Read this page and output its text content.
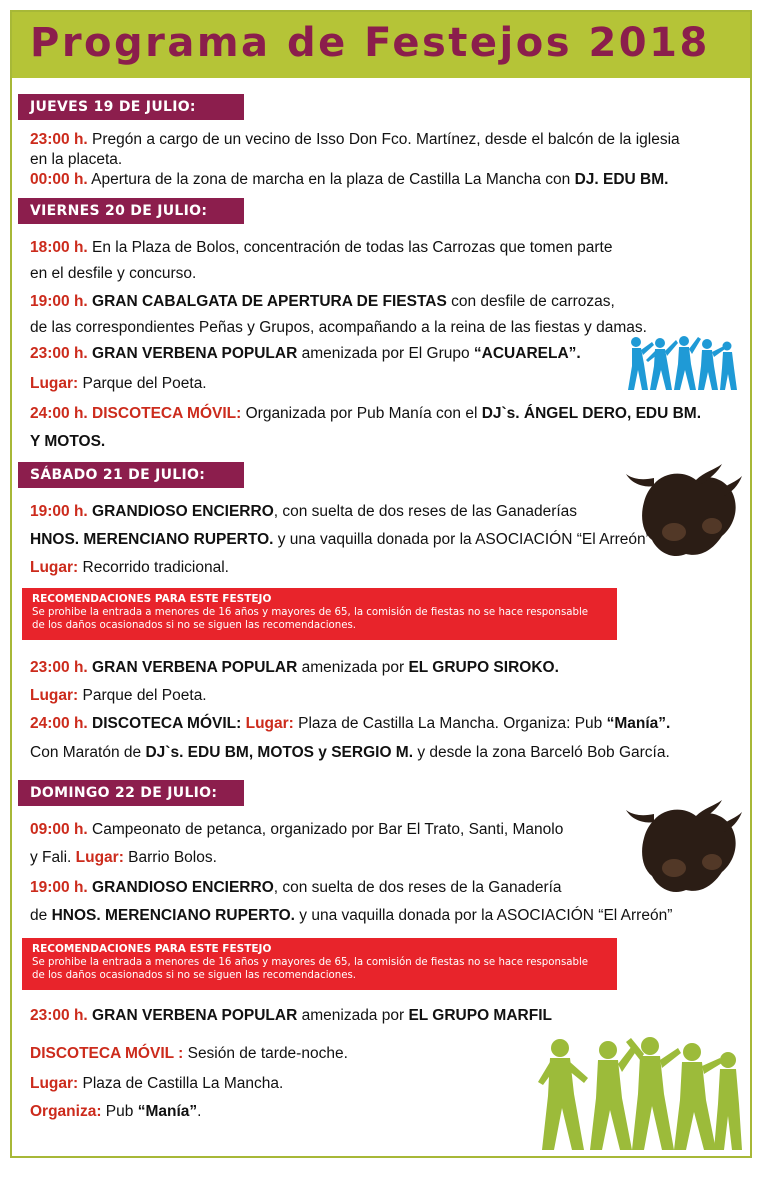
Programa de Festejos 2018
JUEVES 19 DE JULIO:
23:00 h. Pregón a cargo de un vecino de Isso Don Fco. Martínez, desde el balcón de la iglesia
en la placeta.
00:00 h. Apertura de la zona de marcha en la plaza de Castilla La Mancha con DJ. EDU BM.
VIERNES 20 DE JULIO:
18:00 h. En la Plaza de Bolos, concentración de todas las Carrozas que tomen parte
en el desfile y concurso.
19:00 h. GRAN CABALGATA DE APERTURA DE FIESTAS con desfile de carrozas,
de las correspondientes Peñas y Grupos, acompañando a la reina de las fiestas y damas.
23:00 h. GRAN VERBENA POPULAR amenizada por El Grupo “ACUARELA”.
Lugar: Parque del Poeta.
24:00 h. DISCOTECA MÓVIL: Organizada por Pub Manía con el DJ`s. ÁNGEL DERO, EDU BM.
Y MOTOS.
SÁBADO 21 DE JULIO:
19:00 h. GRANDIOSO ENCIERRO, con suelta de dos reses de las Ganaderías
HNOS. MERENCIANO RUPERTO. y una vaquilla donada por la ASOCIACIÓN “El Arreón”
Lugar: Recorrido tradicional.
RECOMENDACIONES PARA ESTE FESTEJO
Se prohibe la entrada a menores de 16 años y mayores de 65, la comisión de fiestas no se hace responsable
de los daños ocasionados si no se siguen las recomendaciones.
23:00 h. GRAN VERBENA POPULAR amenizada por EL GRUPO SIROKO.
Lugar: Parque del Poeta.
24:00 h. DISCOTECA MÓVIL: Lugar: Plaza de Castilla La Mancha. Organiza: Pub “Manía”.
Con Maratón de DJ`s. EDU BM, MOTOS y SERGIO M. y desde la zona Barceló Bob García.
DOMINGO 22 DE JULIO:
09:00 h. Campeonato de petanca, organizado por Bar El Trato, Santi, Manolo
y Fali. Lugar: Barrio Bolos.
19:00 h. GRANDIOSO ENCIERRO, con suelta de dos reses de la Ganadería
de HNOS. MERENCIANO RUPERTO. y una vaquilla donada por la ASOCIACIÓN “El Arreón”
RECOMENDACIONES PARA ESTE FESTEJO
Se prohibe la entrada a menores de 16 años y mayores de 65, la comisión de fiestas no se hace responsable
de los daños ocasionados si no se siguen las recomendaciones.
23:00 h. GRAN VERBENA POPULAR amenizada por EL GRUPO MARFIL
DISCOTECA MÓVIL : Sesión de tarde-noche.
Lugar: Plaza de Castilla La Mancha.
Organiza: Pub “Manía”.
